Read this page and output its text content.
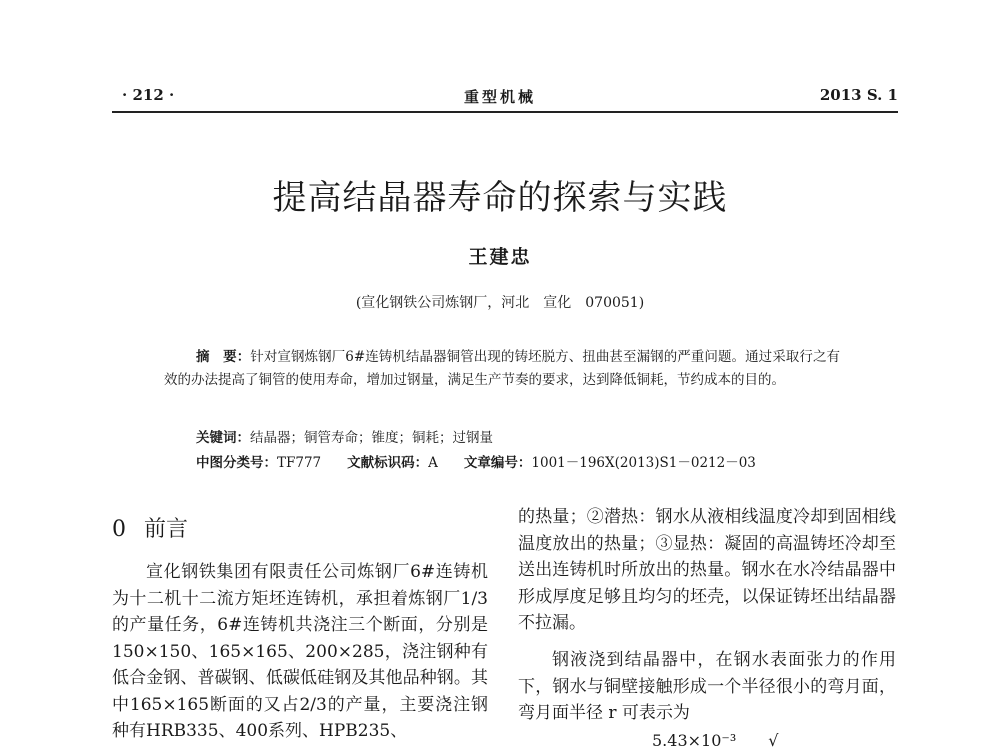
· 212 ·	重型机械	2013 S. 1
提高结晶器寿命的探索与实践
王建忠
(宣化钢铁公司炼钢厂，河北　宣化　070051)

摘　要：针对宣钢炼钢厂6#连铸机结晶器铜管出现的铸坯脱方、扭曲甚至漏钢的严重问题。通过采取行之有效的办法提高了铜管的使用寿命，增加过钢量，满足生产节奏的要求，达到降低铜耗，节约成本的目的。

关键词：结晶器；铜管寿命；锥度；铜耗；过钢量
中图分类号：TF777 文献标识码：A 文章编号：1001－196X(2013)S1－0212－03
0 前言

宣化钢铁集团有限责任公司炼钢厂6#连铸机为十二机十二流方矩坯连铸机，承担着炼钢厂1/3的产量任务，6#连铸机共浇注三个断面，分别是150×150、165×165、200×285，浇注钢种有低合金钢、普碳钢、低碳低硅钢及其他品种钢。其中165×165断面的又占2/3的产量，主要浇注钢种有HRB335、400系列、HPB235、

的热量；②潜热：钢水从液相线温度冷却到固相线温度放出的热量；③显热：凝固的高温铸坯冷却至送出连铸机时所放出的热量。钢水在水冷结晶器中形成厚度足够且均匀的坯壳，以保证铸坯出结晶器不拉漏。

钢液浇到结晶器中，在钢水表面张力的作用下，钢水与铜壁接触形成一个半径很小的弯月面，弯月面半径 r 可表示为

5.43×10⁻³　　√
